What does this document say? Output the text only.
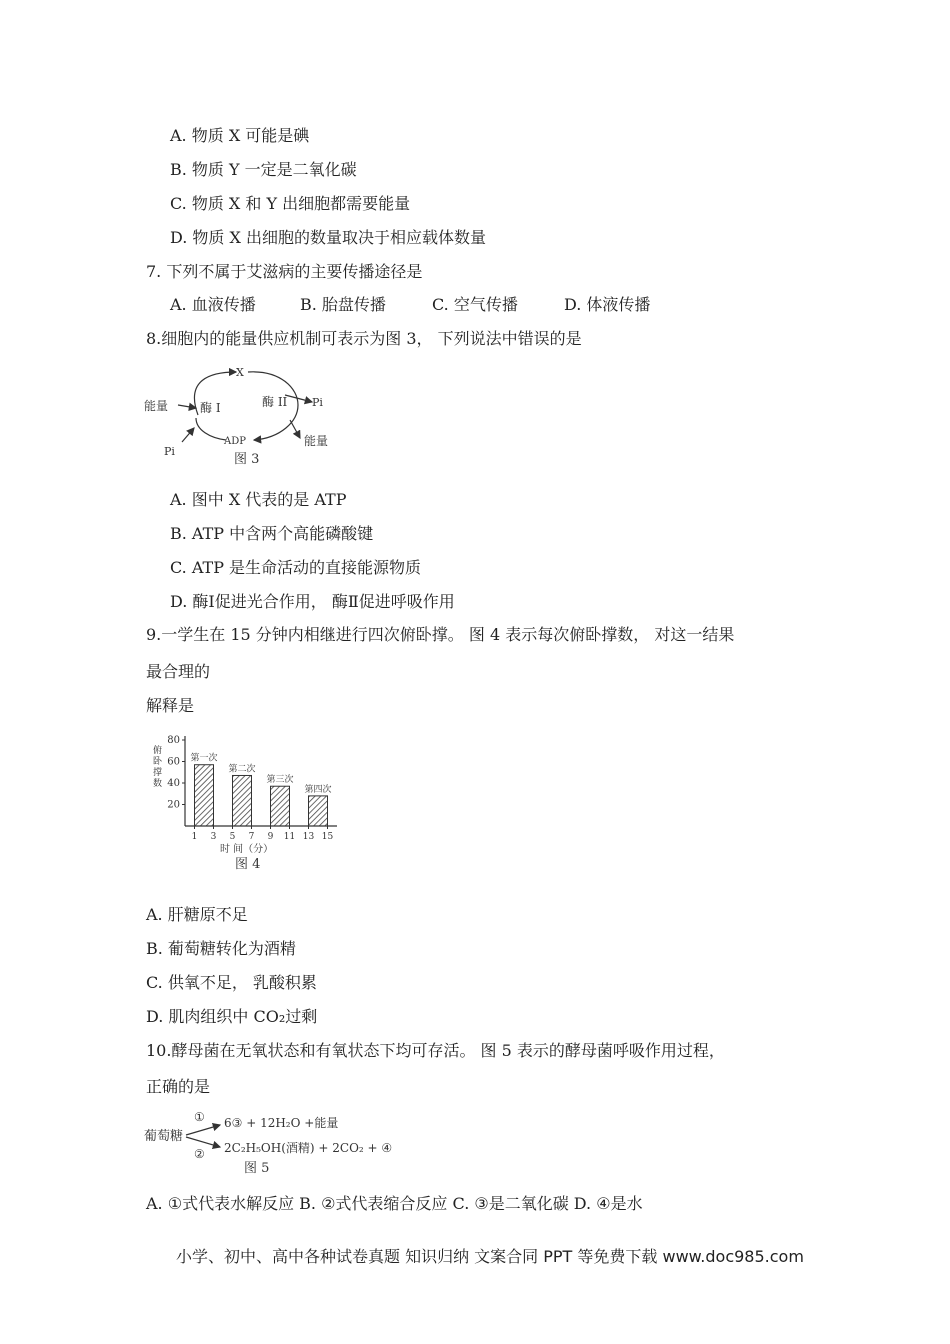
A. 物质 X 可能是碘
B. 物质 Y 一定是二氧化碳
C. 物质 X 和 Y 出细胞都需要能量
D. 物质 X 出细胞的数量取决于相应载体数量
7. 下列不属于艾滋病的主要传播途径是
A. 血液传播	B. 胎盘传播	C. 空气传播	D. 体液传播
8.细胞内的能量供应机制可表示为图 3， 下列说法中错误的是
X
能量	酶 I	酶 II Pi
ADP	能量
Pi
图 3
A. 图中 X 代表的是 ATP
B. ATP 中含两个高能磷酸键
C. ATP 是生命活动的直接能源物质
D. 酶Ⅰ促进光合作用， 酶Ⅱ促进呼吸作用
9.一学生在 15 分钟内相继进行四次俯卧撑。 图 4 表示每次俯卧撑数， 对这一结果
最合理的
解释是
俯 卧 撑 数
80
60
40
20
1 3 5 7 9 11 13 15
第一次
第二次
第三次
第四次
时 间（分）
图 4
A. 肝糖原不足
B. 葡萄糖转化为酒精
C. 供氧不足， 乳酸积累
D. 肌肉组织中 CO₂过剩
10.酵母菌在无氧状态和有氧状态下均可存活。 图 5 表示的酵母菌呼吸作用过程，
正确的是
葡萄糖
①
②
6③ + 12H₂O +能量
2C₂H₅OH(酒精) + 2CO₂ + ④
图 5
A. ①式代表水解反应 B. ②式代表缩合反应 C. ③是二氧化碳 D. ④是水
小学、初中、高中各种试卷真题 知识归纳 文案合同 PPT 等免费下载 www.doc985.com
